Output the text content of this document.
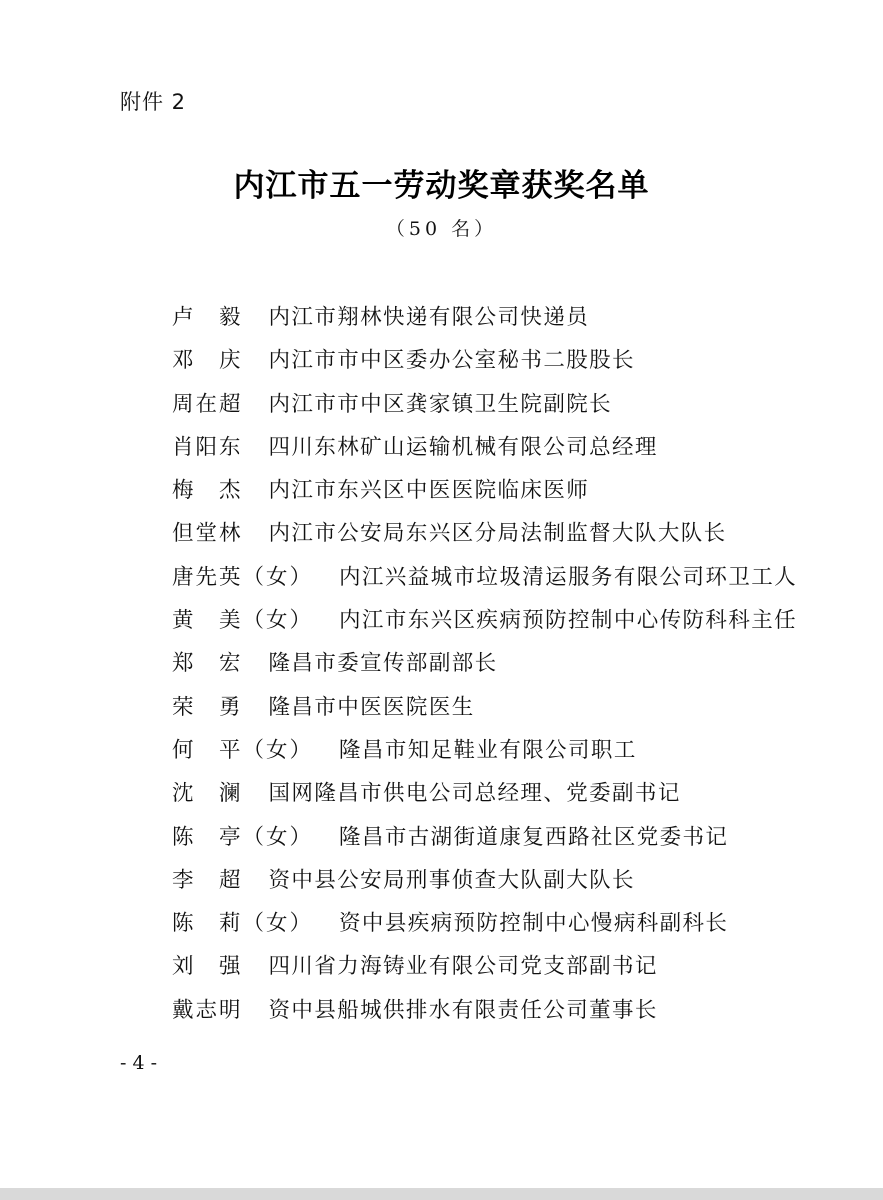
附件 2
内江市五一劳动奖章获奖名单
（50 名）
卢　毅 内江市翔林快递有限公司快递员
邓　庆 内江市市中区委办公室秘书二股股长
周在超 内江市市中区龚家镇卫生院副院长
肖阳东 四川东林矿山运输机械有限公司总经理
梅　杰 内江市东兴区中医医院临床医师
但堂林 内江市公安局东兴区分局法制监督大队大队长
唐先英（女） 内江兴益城市垃圾清运服务有限公司环卫工人
黄　美（女） 内江市东兴区疾病预防控制中心传防科科主任
郑　宏 隆昌市委宣传部副部长
荣　勇 隆昌市中医医院医生
何　平（女） 隆昌市知足鞋业有限公司职工
沈　澜 国网隆昌市供电公司总经理、党委副书记
陈　亭（女） 隆昌市古湖街道康复西路社区党委书记
李　超 资中县公安局刑事侦查大队副大队长
陈　莉（女） 资中县疾病预防控制中心慢病科副科长
刘　强 四川省力海铸业有限公司党支部副书记
戴志明 资中县船城供排水有限责任公司董事长
- 4 -
